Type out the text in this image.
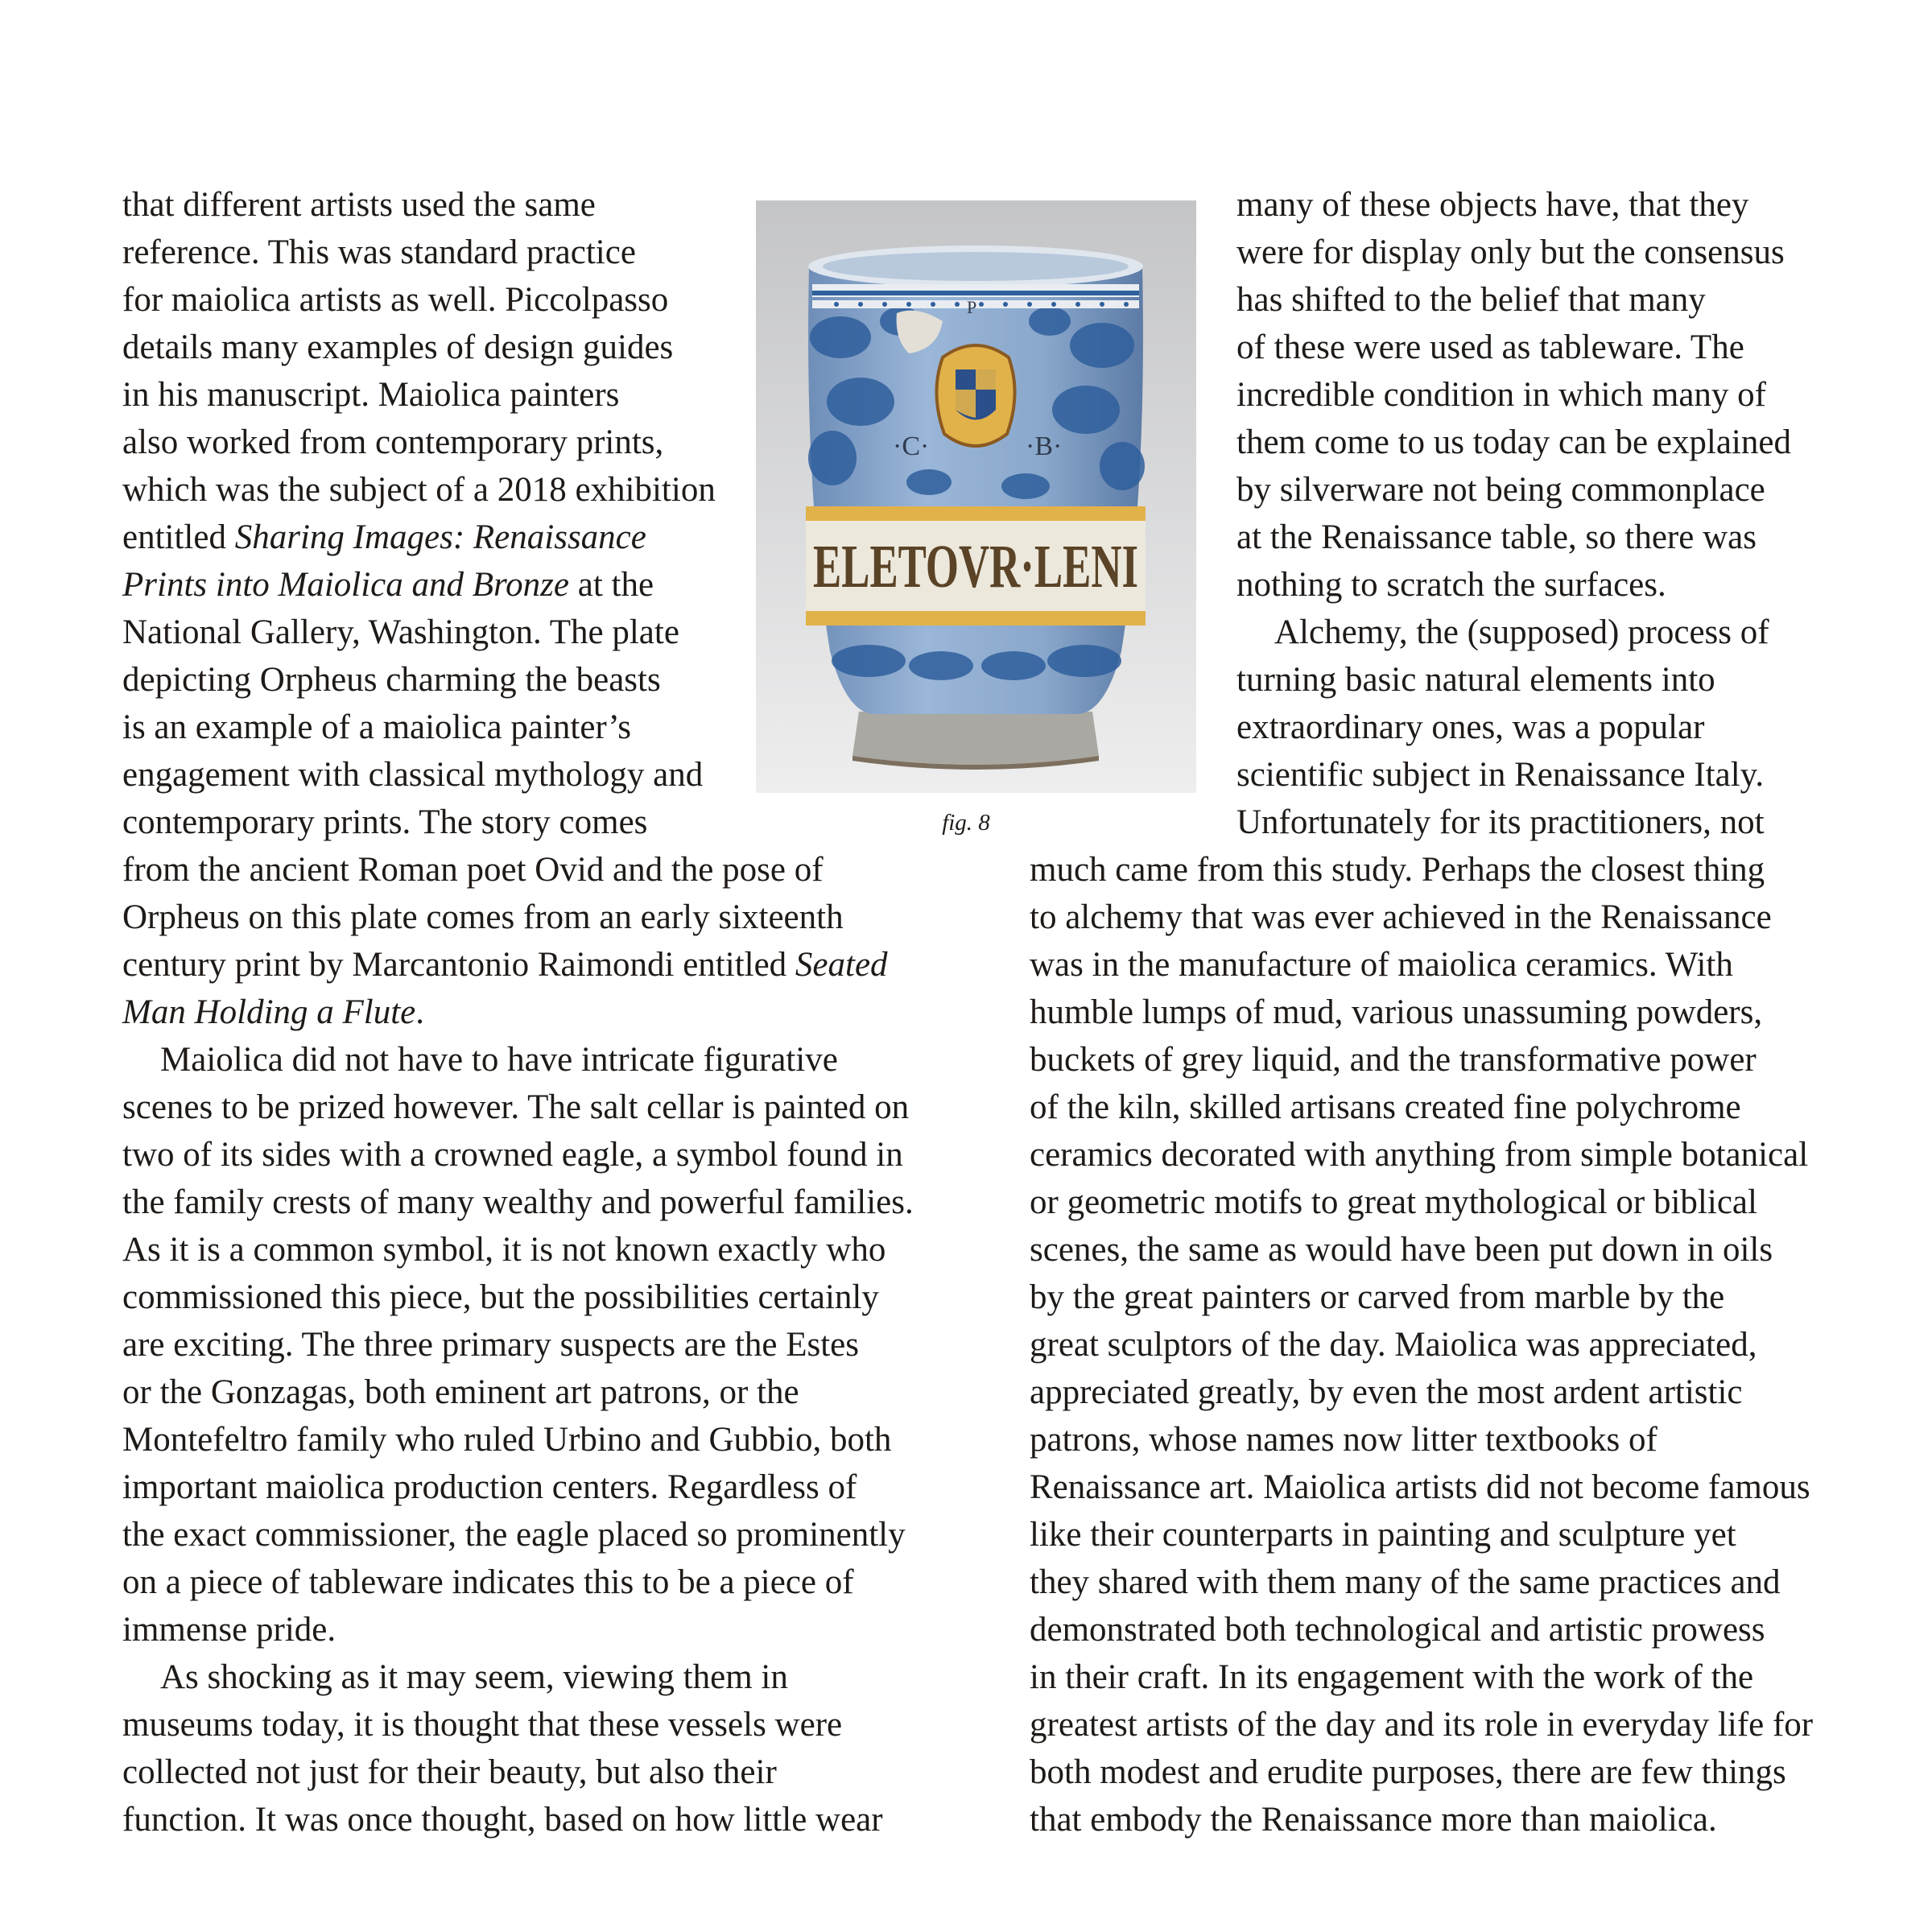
that different artists used the same

reference. This was standard practice

for maiolica artists as well. Piccolpasso

details many examples of design guides

in his manuscript. Maiolica painters

also worked from contemporary prints,

which was the subject of a 2018 exhibition

entitled Sharing Images: Renaissance

Prints into Maiolica and Bronze at the

National Gallery, Washington. The plate

depicting Orpheus charming the beasts

is an example of a maiolica painter’s

engagement with classical mythology and

contemporary prints. The story comes

from the ancient Roman poet Ovid and the pose of

Orpheus on this plate comes from an early sixteenth

century print by Marcantonio Raimondi entitled Seated

Man Holding a Flute.

Maiolica did not have to have intricate figurative

scenes to be prized however. The salt cellar is painted on

two of its sides with a crowned eagle, a symbol found in

the family crests of many wealthy and powerful families.

As it is a common symbol, it is not known exactly who

commissioned this piece, but the possibilities certainly

are exciting. The three primary suspects are the Estes

or the Gonzagas, both eminent art patrons, or the

Montefeltro family who ruled Urbino and Gubbio, both

important maiolica production centers. Regardless of

the exact commissioner, the eagle placed so prominently

on a piece of tableware indicates this to be a piece of

immense pride.

As shocking as it may seem, viewing them in

museums today, it is thought that these vessels were

collected not just for their beauty, but also their

function. It was once thought, based on how little wear

·C·	·B·
P
ELETOVR·LENI

fig. 8

many of these objects have, that they

were for display only but the consensus

has shifted to the belief that many

of these were used as tableware. The

incredible condition in which many of

them come to us today can be explained

by silverware not being commonplace

at the Renaissance table, so there was

nothing to scratch the surfaces.

Alchemy, the (supposed) process of

turning basic natural elements into

extraordinary ones, was a popular

scientific subject in Renaissance Italy.

Unfortunately for its practitioners, not

much came from this study. Perhaps the closest thing

to alchemy that was ever achieved in the Renaissance

was in the manufacture of maiolica ceramics. With

humble lumps of mud, various unassuming powders,

buckets of grey liquid, and the transformative power

of the kiln, skilled artisans created fine polychrome

ceramics decorated with anything from simple botanical

or geometric motifs to great mythological or biblical

scenes, the same as would have been put down in oils

by the great painters or carved from marble by the

great sculptors of the day. Maiolica was appreciated,

appreciated greatly, by even the most ardent artistic

patrons, whose names now litter textbooks of

Renaissance art. Maiolica artists did not become famous

like their counterparts in painting and sculpture yet

they shared with them many of the same practices and

demonstrated both technological and artistic prowess

in their craft. In its engagement with the work of the

greatest artists of the day and its role in everyday life for

both modest and erudite purposes, there are few things

that embody the Renaissance more than maiolica.
